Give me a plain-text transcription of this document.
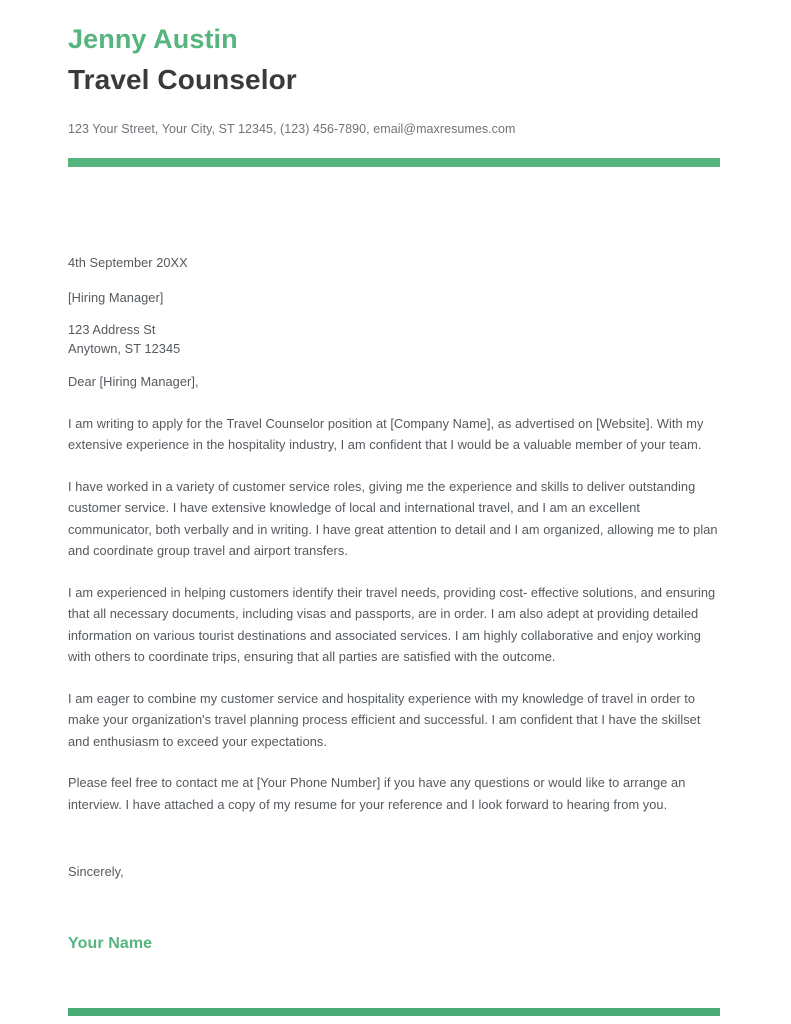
Jenny Austin
Travel Counselor
123 Your Street, Your City, ST 12345, (123) 456-7890, email@maxresumes.com
4th September 20XX
[Hiring Manager]
123 Address St
Anytown, ST 12345
Dear [Hiring Manager],

I am writing to apply for the Travel Counselor position at [Company Name], as advertised on [Website]. With my extensive experience in the hospitality industry, I am confident that I would be a valuable member of your team.

I have worked in a variety of customer service roles, giving me the experience and skills to deliver outstanding customer service. I have extensive knowledge of local and international travel, and I am an excellent communicator, both verbally and in writing. I have great attention to detail and I am organized, allowing me to plan and coordinate group travel and airport transfers.

I am experienced in helping customers identify their travel needs, providing cost- effective solutions, and ensuring that all necessary documents, including visas and passports, are in order. I am also adept at providing detailed information on various tourist destinations and associated services. I am highly collaborative and enjoy working with others to coordinate trips, ensuring that all parties are satisfied with the outcome.

I am eager to combine my customer service and hospitality experience with my knowledge of travel in order to make your organization's travel planning process efficient and successful. I am confident that I have the skillset and enthusiasm to exceed your expectations.

Please feel free to contact me at [Your Phone Number] if you have any questions or would like to arrange an interview. I have attached a copy of my resume for your reference and I look forward to hearing from you.

Sincerely,
Your Name
